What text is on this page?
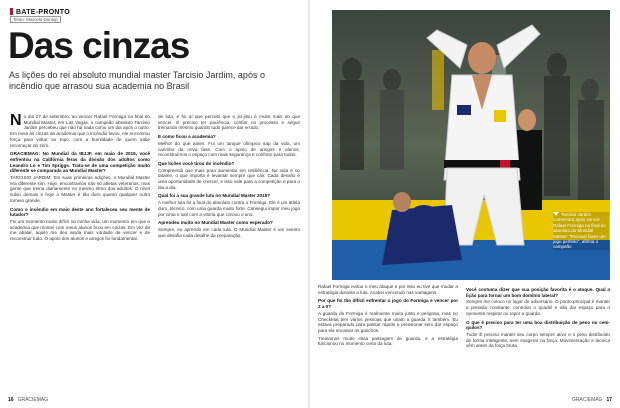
BATE-PRONTO
Texto: Marcelo Dunlop
Das cinzas
As lições do rei absoluto mundial master Tarcisio Jardim, após o incêndio que arrasou sua academia no Brasil

No dia 27 de setembro, ao vencer Rafael Formiga na final do Mundial Master, em Las Vegas, o campeão absoluto Tarcisio Jardim percebeu que não há nada como um dia após o outro. Em meio às cinzas da academia que o incêndio levou, ele encontrou força para voltar ao topo, com a humildade de quem sabe recomeçar do zero.

GRACIEMAG: No Mundial da IBJJF, em maio de 2015, você enfrentou na Califórnia feras da divisão dos adultos como Leandro Lo e Tim Spriggs. Trata-se de uma competição muito diferente se comparada ao Mundial Master?

TARCISIO JARDIM: Em suas primeiras edições, o Mundial Master era diferente sim. Hoje, encontramos não só atletas veteranos, mas gente que treina diariamente no mesmo ritmo dos adultos. O nível subiu demais e hoje o Master é tão duro quanto qualquer outro torneio grande.

Como o incêndio em maio deste ano fortaleceu seu mente de lutador?

Foi um momento muito difícil na minha vida, um momento em que a academia que montei com meus alunos ficou em cinzas. Em vez de me abalar, aquilo me deu ainda mais vontade de vencer e de reconstruir tudo. O apoio dos alunos e amigos foi fundamental.

de luta, e foi aí que percebi que o jiu-jitsu é muito mais do que vencer. É preciso ter paciência, confiar no processo e seguir treinando mesmo quando tudo parece dar errado.

E como ficou a academia?

Melhor do que antes. Fui um tanque olímpico sap da vida, um carimbo da nova fase. Com o apoio de amigos e alunos, reconstruímos o espaço com mais segurança e conforto para todos.

Que lições você tirou do incêndio?

Compreendi que mais para aumentar em resiliência. Na vida e no tatame, o que importa é levantar sempre que cair. Cada desafio é uma oportunidade de crescer, e isso vale para a competição e para o dia a dia.

Qual foi a sua grande luta no Mundial Master 2015?

A melhor luta foi a final do absoluto contra o Formiga. Ele é um atleta duro, técnico, com uma guarda muito forte. Consegui impor meu jogo por cima e sair com a vitória que coroou o ano.

Aprendeu muito no Mundial Master como esperado?

Sempre, eu aprendo em cada luta. O Mundial Master é um evento que desafia cada detalhe da preparação.

16 GRACIEMAG

Rafael Formiga evitou o meu ataque e por isso eu tive que mudar a estratégia durante a luta. Acabei vencendo nas vantagens.

Por que foi tão difícil enfrentar o jogo do Formiga e vencer por 2 a 0?

A guarda do Formiga é realmente muito justa e perigosa, mas no CheckMat tem vários pessoas que usam a guarda X também. Eu estava preparado para passar rápido e pressionar sem dar espaço para ele encaixar os ganchos.

Treinamos muito essa passagem de guarda, e a estratégia funcionou no momento certo da luta.

Você costuma dizer que sua posição favorita é o ataque. Qual a lição para tornar um bom domínio lateral?

Sempre me coloco no lugar do adversário. O ponto principal é manter a pressão constante, controlar o quadril e não dar espaço para o oponente respirar ou repor a guarda.

O que é preciso para ter uma boa distribuição de peso no cem-quilos?

Tudo! É preciso manter seu corpo sempre ativo e o peso distribuído de forma inteligente, sem exagerar na força. Movimentação e técnica vêm antes da força bruta.

GRACIEMAG 17
Tarcisio Jardim comemora após vencer Rafael Formiga na final do absoluto do Mundial Master: "Precisei fazer um jogo perfeito", afirma o campeão
